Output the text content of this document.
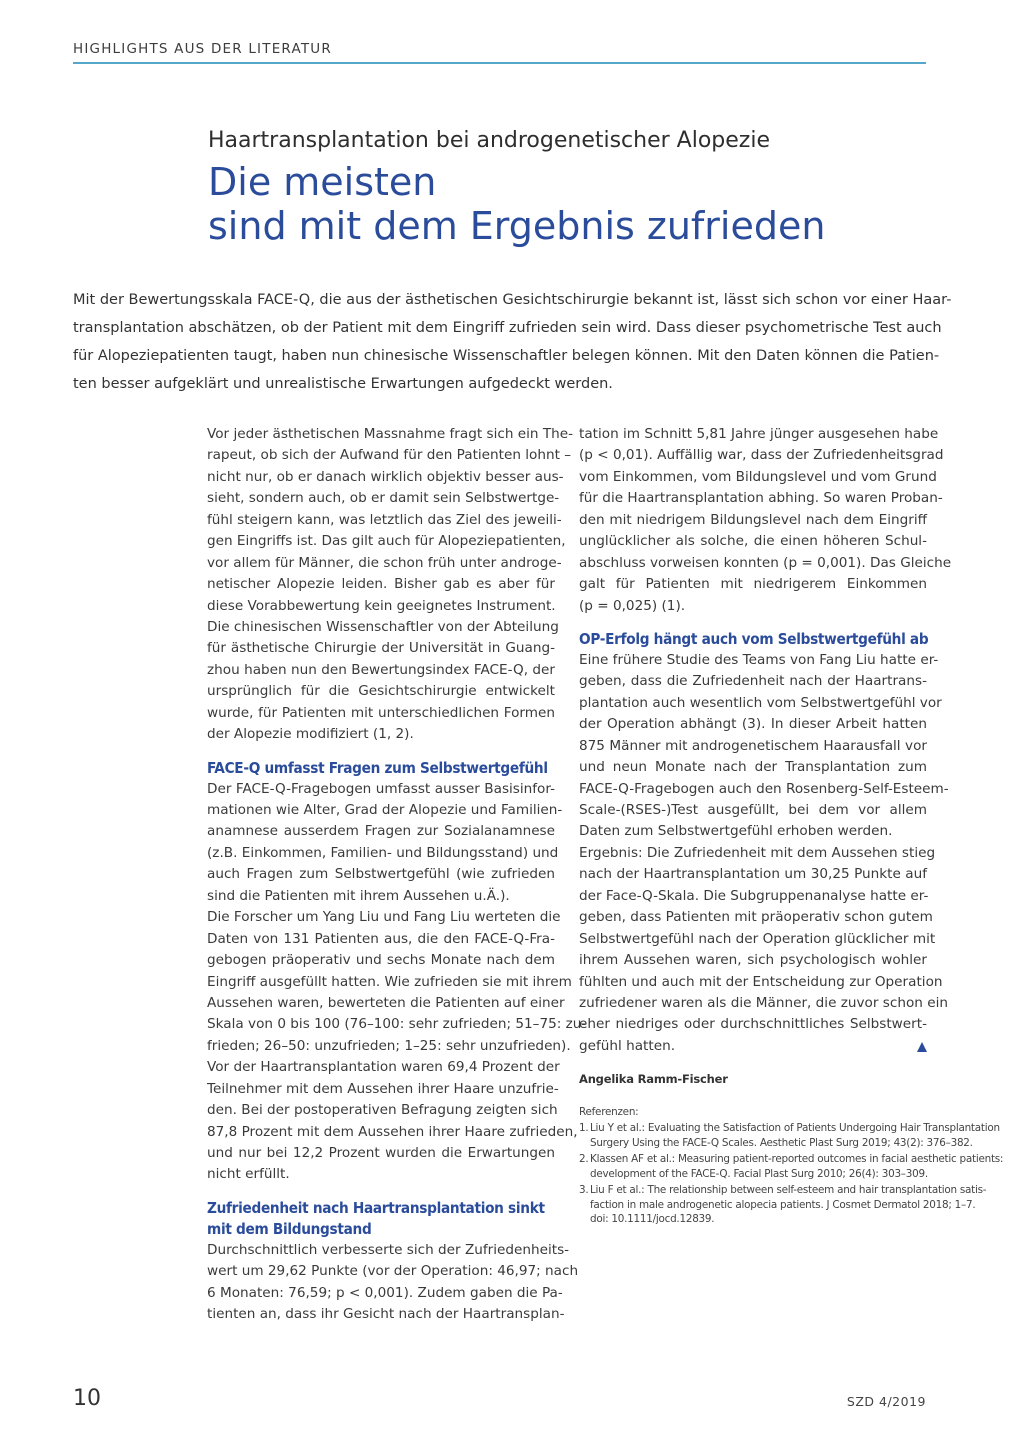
HIGHLIGHTS AUS DER LITERATUR
Haartransplantation bei androgenetischer Alopezie
Die meisten
sind mit dem Ergebnis zufrieden
Mit der Bewertungsskala FACE-Q, die aus der ästhetischen Gesichtschirurgie bekannt ist, lässt sich schon vor einer Haar-
transplantation abschätzen, ob der Patient mit dem Eingriff zufrieden sein wird. Dass dieser psychometrische Test auch
für Alopeziepatienten taugt, haben nun chinesische Wissenschaftler belegen können. Mit den Daten können die Patien-
ten besser aufgeklärt und unrealistische Erwartungen aufgedeckt werden.
Vor jeder ästhetischen Massnahme fragt sich ein The-
rapeut, ob sich der Aufwand für den Patienten lohnt –
nicht nur, ob er danach wirklich objektiv besser aus-
sieht, sondern auch, ob er damit sein Selbstwertge-
fühl steigern kann, was letztlich das Ziel des jeweili-
gen Eingriffs ist. Das gilt auch für Alopeziepatienten,
vor allem für Männer, die schon früh unter androge-
netischer Alopezie leiden. Bisher gab es aber für
diese Vorabbewertung kein geeignetes Instrument.
Die chinesischen Wissenschaftler von der Abteilung
für ästhetische Chirurgie der Universität in Guang-
zhou haben nun den Bewertungsindex FACE-Q, der
ursprünglich für die Gesichtschirurgie entwickelt
wurde, für Patienten mit unterschiedlichen Formen
der Alopezie modifiziert (1, 2).
FACE-Q umfasst Fragen zum Selbstwertgefühl
Der FACE-Q-Fragebogen umfasst ausser Basisinfor-
mationen wie Alter, Grad der Alopezie und Familien-
anamnese ausserdem Fragen zur Sozialanamnese
(z.B. Einkommen, Familien- und Bildungsstand) und
auch Fragen zum Selbstwertgefühl (wie zufrieden
sind die Patienten mit ihrem Aussehen u.Ä.).
Die Forscher um Yang Liu und Fang Liu werteten die
Daten von 131 Patienten aus, die den FACE-Q-Fra-
gebogen präoperativ und sechs Monate nach dem
Eingriff ausgefüllt hatten. Wie zufrieden sie mit ihrem
Aussehen waren, bewerteten die Patienten auf einer
Skala von 0 bis 100 (76–100: sehr zufrieden; 51–75: zu-
frieden; 26–50: unzufrieden; 1–25: sehr unzufrieden).
Vor der Haartransplantation waren 69,4 Prozent der
Teilnehmer mit dem Aussehen ihrer Haare unzufrie-
den. Bei der postoperativen Befragung zeigten sich
87,8 Prozent mit dem Aussehen ihrer Haare zufrieden,
und nur bei 12,2 Prozent wurden die Erwartungen
nicht erfüllt.
Zufriedenheit nach Haartransplantation sinkt
mit dem Bildungstand
Durchschnittlich verbesserte sich der Zufriedenheits-
wert um 29,62 Punkte (vor der Operation: 46,97; nach
6 Monaten: 76,59; p < 0,001). Zudem gaben die Pa-
tienten an, dass ihr Gesicht nach der Haartransplan-
tation im Schnitt 5,81 Jahre jünger ausgesehen habe
(p < 0,01). Auffällig war, dass der Zufriedenheitsgrad
vom Einkommen, vom Bildungslevel und vom Grund
für die Haartransplantation abhing. So waren Proban-
den mit niedrigem Bildungslevel nach dem Eingriff
unglücklicher als solche, die einen höheren Schul-
abschluss vorweisen konnten (p = 0,001). Das Gleiche
galt für Patienten mit niedrigerem Einkommen
(p = 0,025) (1).
OP-Erfolg hängt auch vom Selbstwertgefühl ab
Eine frühere Studie des Teams von Fang Liu hatte er-
geben, dass die Zufriedenheit nach der Haartrans-
plantation auch wesentlich vom Selbstwertgefühl vor
der Operation abhängt (3). In dieser Arbeit hatten
875 Männer mit androgenetischem Haarausfall vor
und neun Monate nach der Transplantation zum
FACE-Q-Fragebogen auch den Rosenberg-Self-Esteem-
Scale-(RSES-)Test ausgefüllt, bei dem vor allem
Daten zum Selbstwertgefühl erhoben werden.
Ergebnis: Die Zufriedenheit mit dem Aussehen stieg
nach der Haartransplantation um 30,25 Punkte auf
der Face-Q-Skala. Die Subgruppenanalyse hatte er-
geben, dass Patienten mit präoperativ schon gutem
Selbstwertgefühl nach der Operation glücklicher mit
ihrem Aussehen waren, sich psychologisch wohler
fühlten und auch mit der Entscheidung zur Operation
zufriedener waren als die Männer, die zuvor schon ein
eher niedriges oder durchschnittliches Selbstwert-
gefühl hatten.
Angelika Ramm-Fischer
Referenzen:
1. Liu Y et al.: Evaluating the Satisfaction of Patients Undergoing Hair Transplantation
Surgery Using the FACE-Q Scales. Aesthetic Plast Surg 2019; 43(2): 376–382.
2. Klassen AF et al.: Measuring patient-reported outcomes in facial aesthetic patients:
development of the FACE-Q. Facial Plast Surg 2010; 26(4): 303–309.
3. Liu F et al.: The relationship between self-esteem and hair transplantation satis-
faction in male androgenetic alopecia patients. J Cosmet Dermatol 2018; 1–7.
doi: 10.1111/jocd.12839.
10	SZD 4/2019
